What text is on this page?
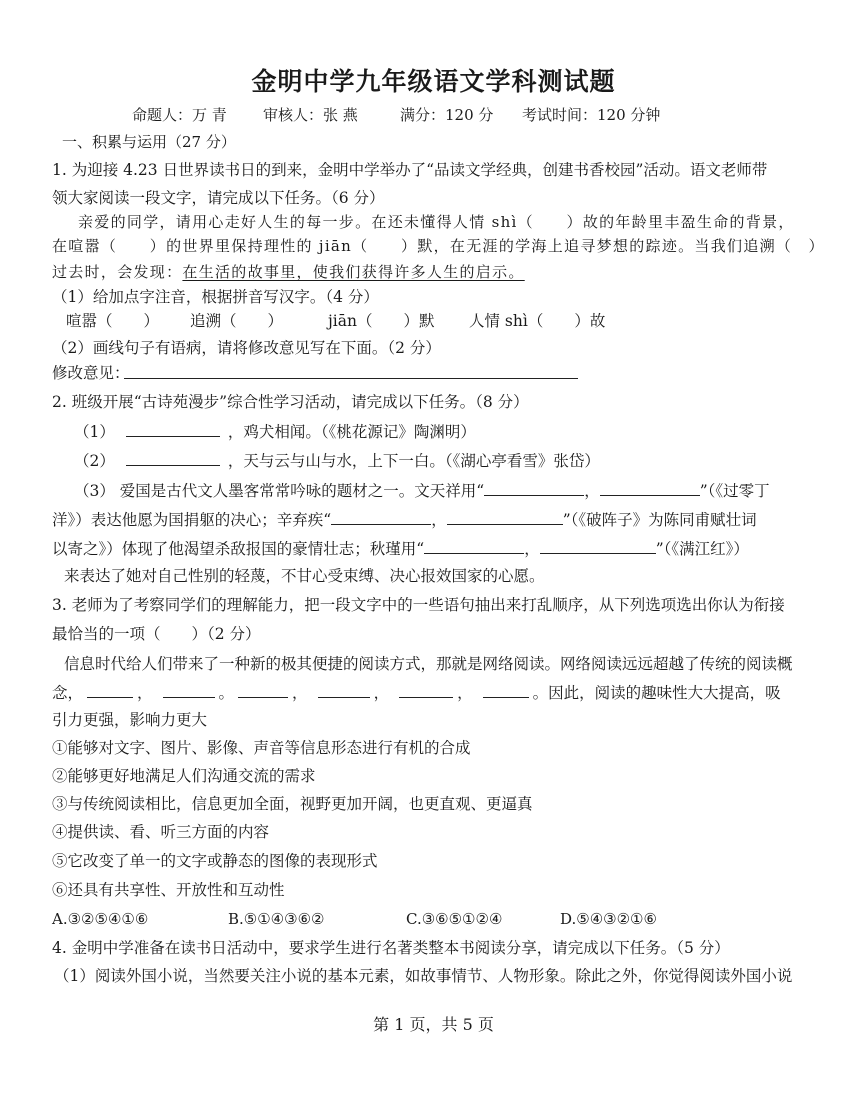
金明中学九年级语文学科测试题
命题人：万 青 审核人：张 燕	满分：120 分 考试时间：120 分钟
一、积累与运用（27 分）
1. 为迎接 4.23 日世界读书日的到来，金明中学举办了“品读文学经典，创建书香校园”活动。语文老师带
领大家阅读一段文字，请完成以下任务。（6 分）
亲爱的同学，请用心走好人生的每一步。在还未懂得人情 shì（　　）故的年龄里丰盈生命的背景，
在喧嚣（　　）的世界里保持理性的 jiān（　　）默，在无涯的学海上追寻梦想的踪迹。当我们追溯（　）
过去时，会发现：在生活的故事里，使我们获得许多人生的启示。
（1）给加点字注音，根据拼音写汉字。（4 分）
喧嚣（　　） 追溯（　　）	jiān（　　）默 人情 shì（　　）故
（2）画线句子有语病，请将修改意见写在下面。（2 分）
修改意见：
2. 班级开展“古诗苑漫步”综合性学习活动，请完成以下任务。（8 分）
（1）	，鸡犬相闻。（《桃花源记》陶渊明）
（2）	，天与云与山与水，上下一白。（《湖心亭看雪》张岱）
（3） 爱国是古代文人墨客常常吟咏的题材之一。文天祥用“	，	”（《过零丁
洋》）表达他愿为国捐躯的决心；辛弃疾“	，	”（《破阵子》为陈同甫赋壮词
以寄之》）体现了他渴望杀敌报国的豪情壮志；秋瑾用“	，	”（《满江红》）
来表达了她对自己性别的轻蔑，不甘心受束缚、决心报效国家的心愿。
3. 老师为了考察同学们的理解能力，把一段文字中的一些语句抽出来打乱顺序，从下列选项选出你认为衔接
最恰当的一项（　　）（2 分）
信息时代给人们带来了一种新的极其便捷的阅读方式，那就是网络阅读。网络阅读远远超越了传统的阅读概
念，	，	。	，	，	，	。因此，阅读的趣味性大大提高，吸
引力更强，影响力更大
①能够对文字、图片、影像、声音等信息形态进行有机的合成
②能够更好地满足人们沟通交流的需求
③与传统阅读相比，信息更加全面，视野更加开阔，也更直观、更逼真
④提供读、看、听三方面的内容
⑤它改变了单一的文字或静态的图像的表现形式
⑥还具有共享性、开放性和互动性
A.③②⑤④①⑥	B.⑤①④③⑥②	C.③⑥⑤①②④	D.⑤④③②①⑥
4. 金明中学准备在读书日活动中，要求学生进行名著类整本书阅读分享，请完成以下任务。（5 分）
（1）阅读外国小说，当然要关注小说的基本元素，如故事情节、人物形象。除此之外，你觉得阅读外国小说
第 1 页，共 5 页
